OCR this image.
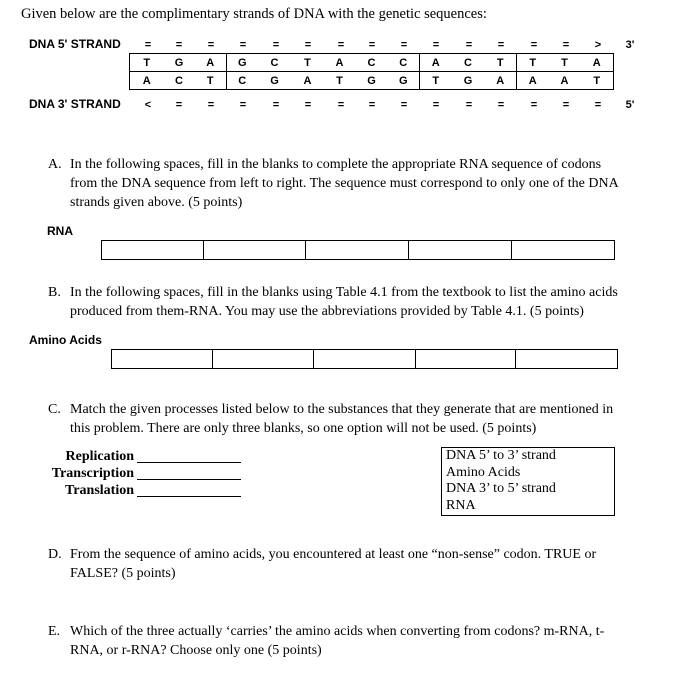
Given below are the complimentary strands of DNA with the genetic sequences:
DNA 5' STRAND	=	=	=	=	=	=	=	=	=	=	=	=	=	=	>	3'
T	G	A	G	C	T	A	C	C	A	C	T	T	T	A
A	C	T	C	G	A	T	G	G	T	G	A	A	A	T
DNA 3' STRAND	<	=	=	=	=	=	=	=	=	=	=	=	=	=	=	5'
A. In the following spaces, fill in the blanks to complete the appropriate RNA sequence of codons
from the DNA sequence from left to right. The sequence must correspond to only one of the DNA
strands given above. (5 points)
RNA
B. In the following spaces, fill in the blanks using Table 4.1 from the textbook to list the amino acids
produced from them-RNA. You may use the abbreviations provided by Table 4.1. (5 points)
Amino Acids
C. Match the given processes listed below to the substances that they generate that are mentioned in
this problem. There are only three blanks, so one option will not be used. (5 points)
Replication
Transcription
Translation
DNA 5’ to 3’ strand
Amino Acids
DNA 3’ to 5’ strand
RNA
D. From the sequence of amino acids, you encountered at least one “non-sense” codon. TRUE or
FALSE? (5 points)
E. Which of the three actually ‘carries’ the amino acids when converting from codons? m-RNA, t-
RNA, or r-RNA? Choose only one (5 points)
